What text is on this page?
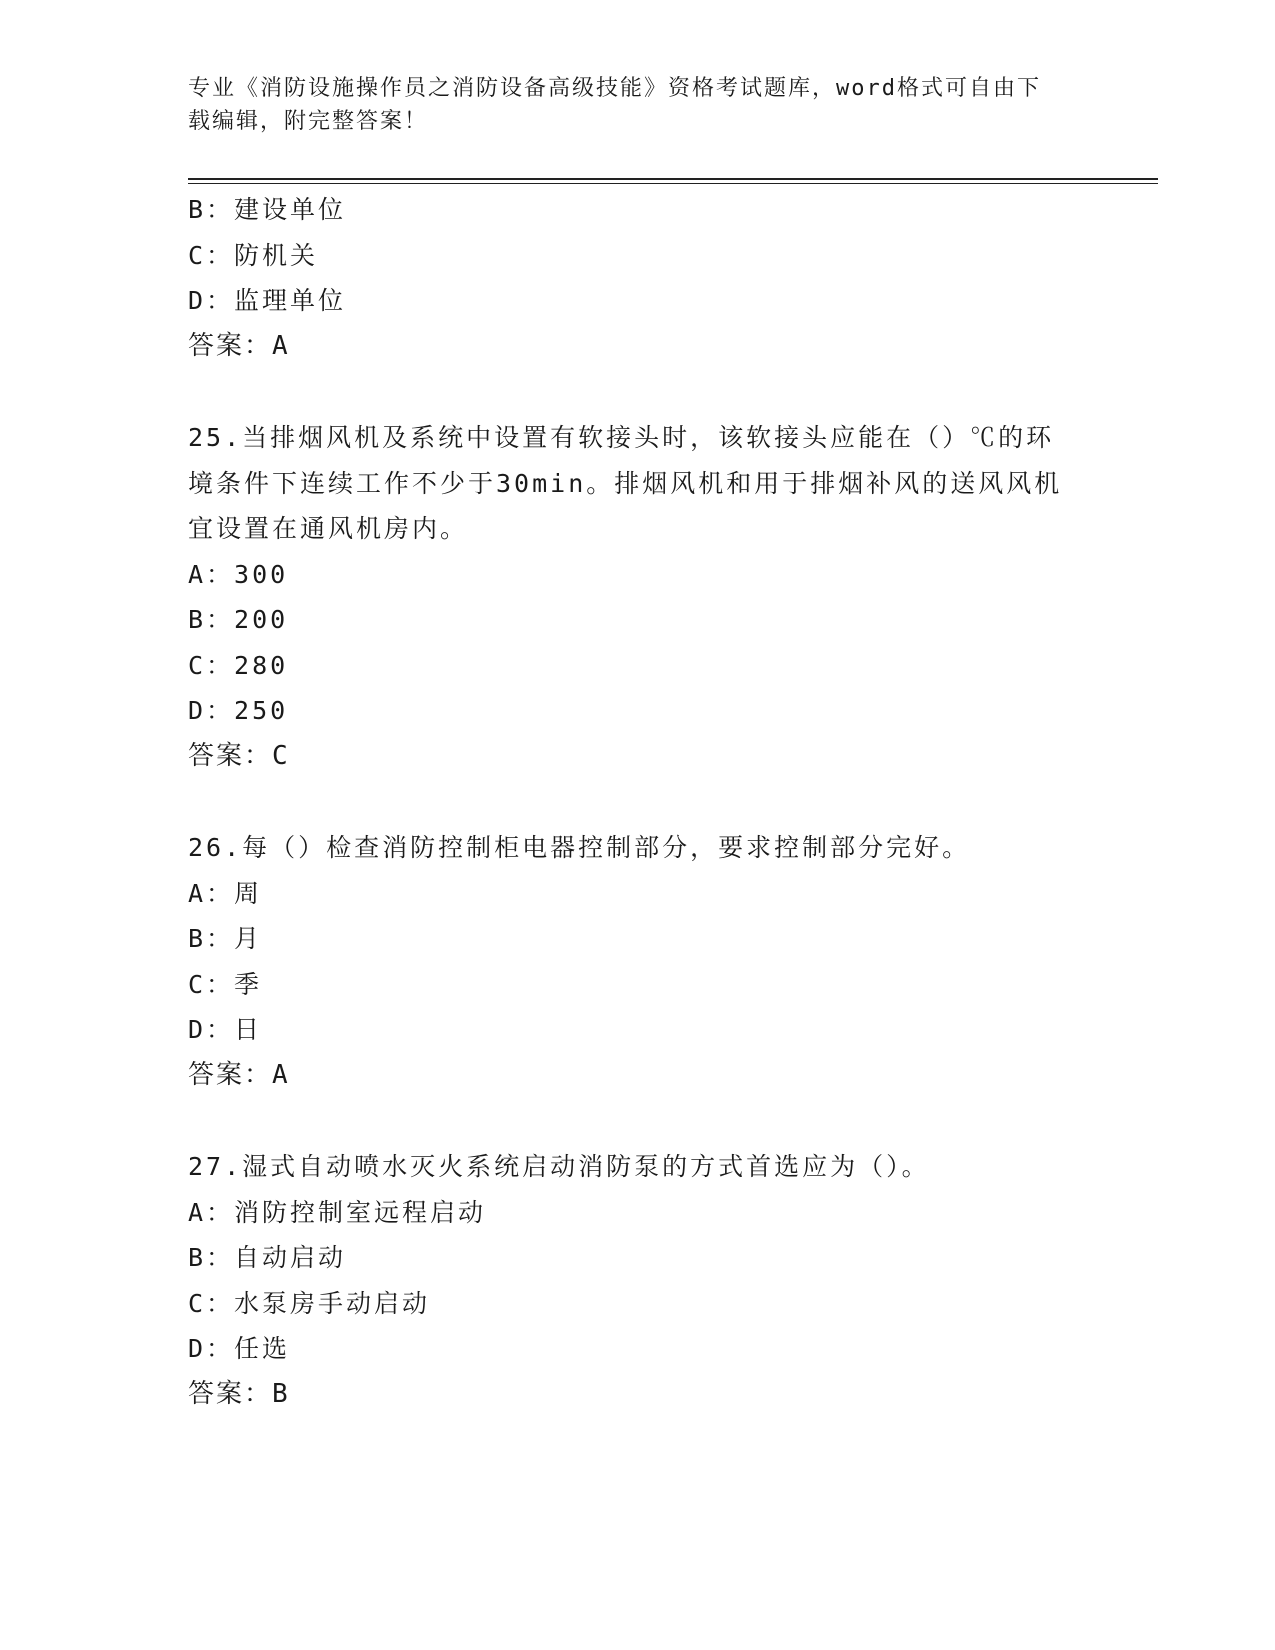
专业《消防设施操作员之消防设备高级技能》资格考试题库，word格式可自由下
载编辑，附完整答案！
B：建设单位
C：防机关
D：监理单位
答案：A
25.当排烟风机及系统中设置有软接头时，该软接头应能在（）℃的环
境条件下连续工作不少于30min。排烟风机和用于排烟补风的送风风机
宜设置在通风机房内。
A：300
B：200
C：280
D：250
答案：C
26.每（）检查消防控制柜电器控制部分，要求控制部分完好。
A：周
B：月
C：季
D：日
答案：A
27.湿式自动喷水灭火系统启动消防泵的方式首选应为（）。
A：消防控制室远程启动
B：自动启动
C：水泵房手动启动
D：任选
答案：B
